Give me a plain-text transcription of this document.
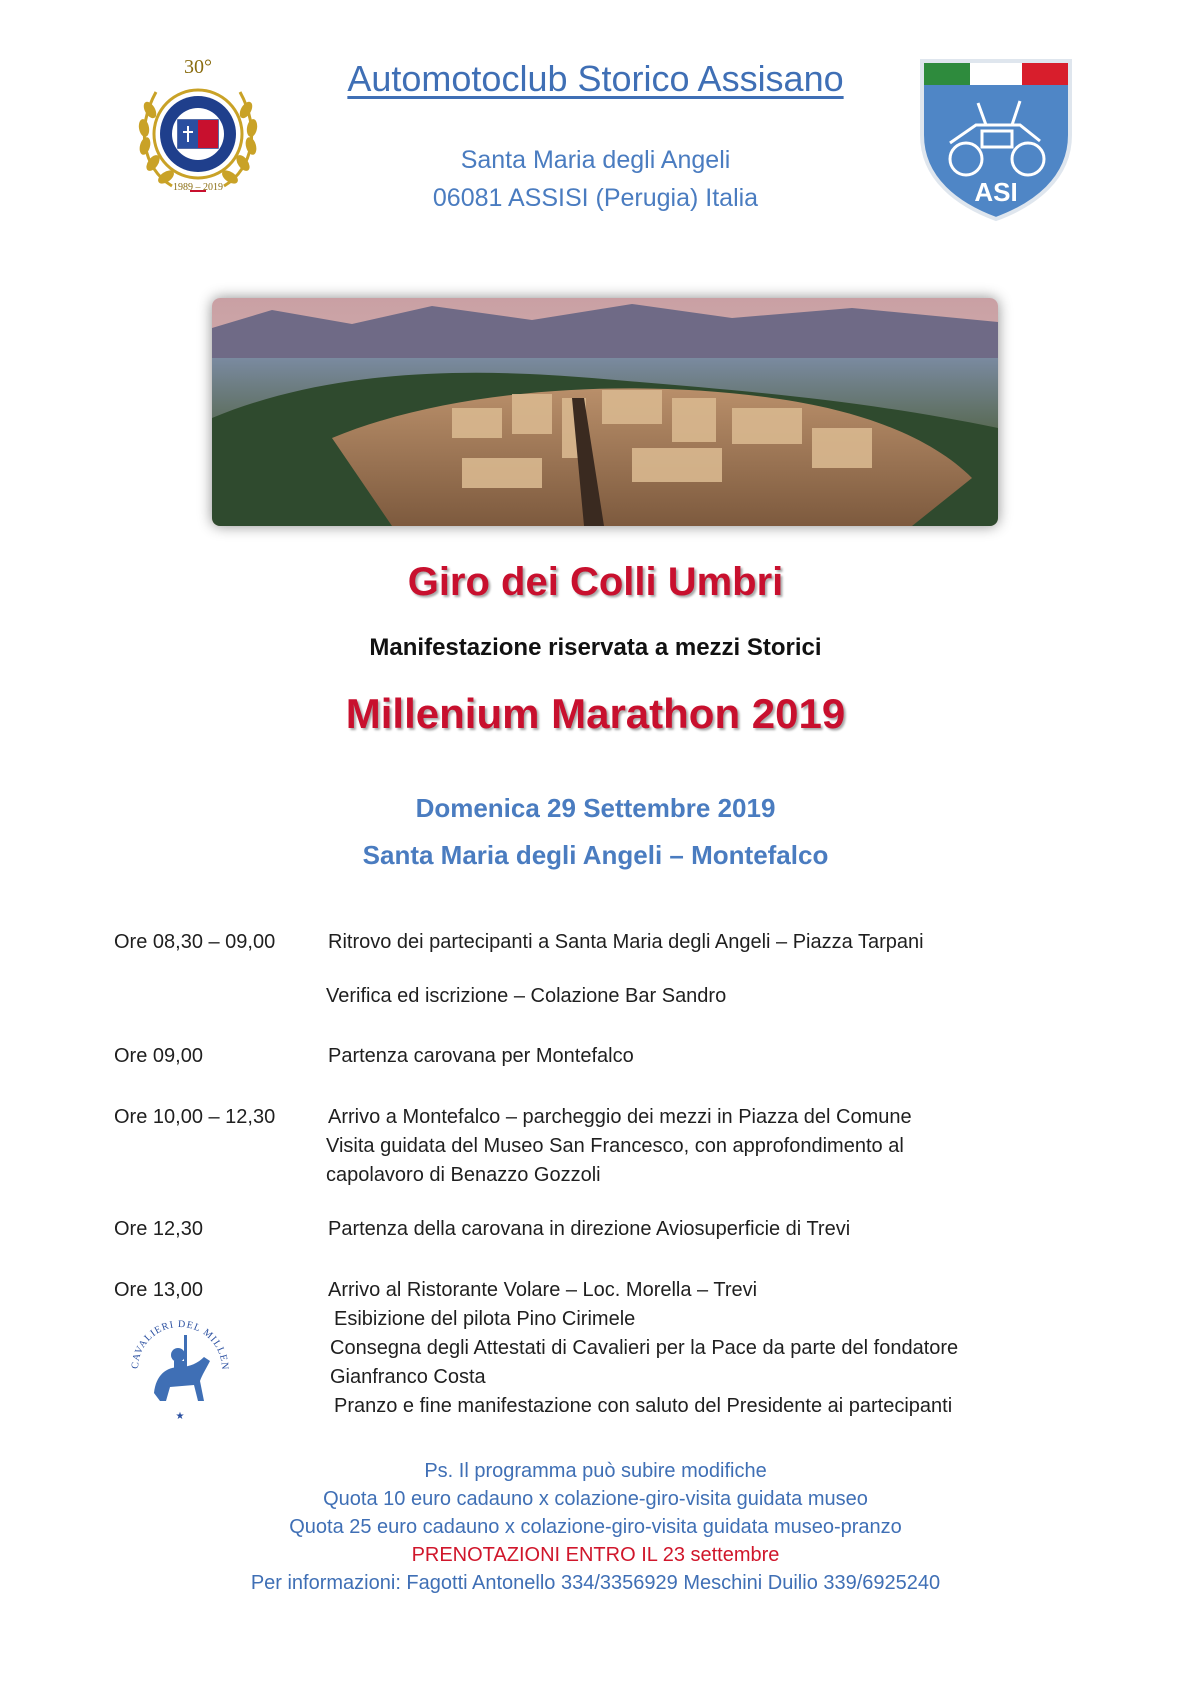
30°
1989 – 2019
Automotoclub Storico Assisano
Santa Maria degli Angeli
06081 ASSISI (Perugia) Italia	ASI
Giro dei Colli Umbri
Manifestazione riservata a mezzi Storici
Millenium Marathon 2019
Domenica 29 Settembre 2019
Santa Maria degli Angeli – Montefalco
Ore 08,30 – 09,00	Ritrovo dei partecipanti a Santa Maria degli Angeli – Piazza Tarpani
Verifica ed iscrizione – Colazione Bar Sandro
Ore 09,00	Partenza carovana per Montefalco
Ore 10,00 – 12,30	Arrivo a Montefalco – parcheggio dei mezzi in Piazza del Comune
Visita guidata del Museo San Francesco, con approfondimento al
capolavoro di Benazzo Gozzoli
Ore 12,30	Partenza della carovana in direzione Aviosuperficie di Trevi
Ore 13,00	Arrivo al Ristorante Volare – Loc. Morella – Trevi
Esibizione del pilota Pino Cirimele
Consegna degli Attestati di Cavalieri per la Pace da parte del fondatore
Gianfranco Costa
Pranzo e fine manifestazione con saluto del Presidente ai partecipanti
CAVALIERI DEL MILLEN
★
Ps. Il programma può subire modifiche
Quota 10 euro cadauno x colazione-giro-visita guidata museo
Quota 25 euro cadauno x colazione-giro-visita guidata museo-pranzo
PRENOTAZIONI ENTRO IL 23 settembre
Per informazioni: Fagotti Antonello 334/3356929 Meschini Duilio 339/6925240
